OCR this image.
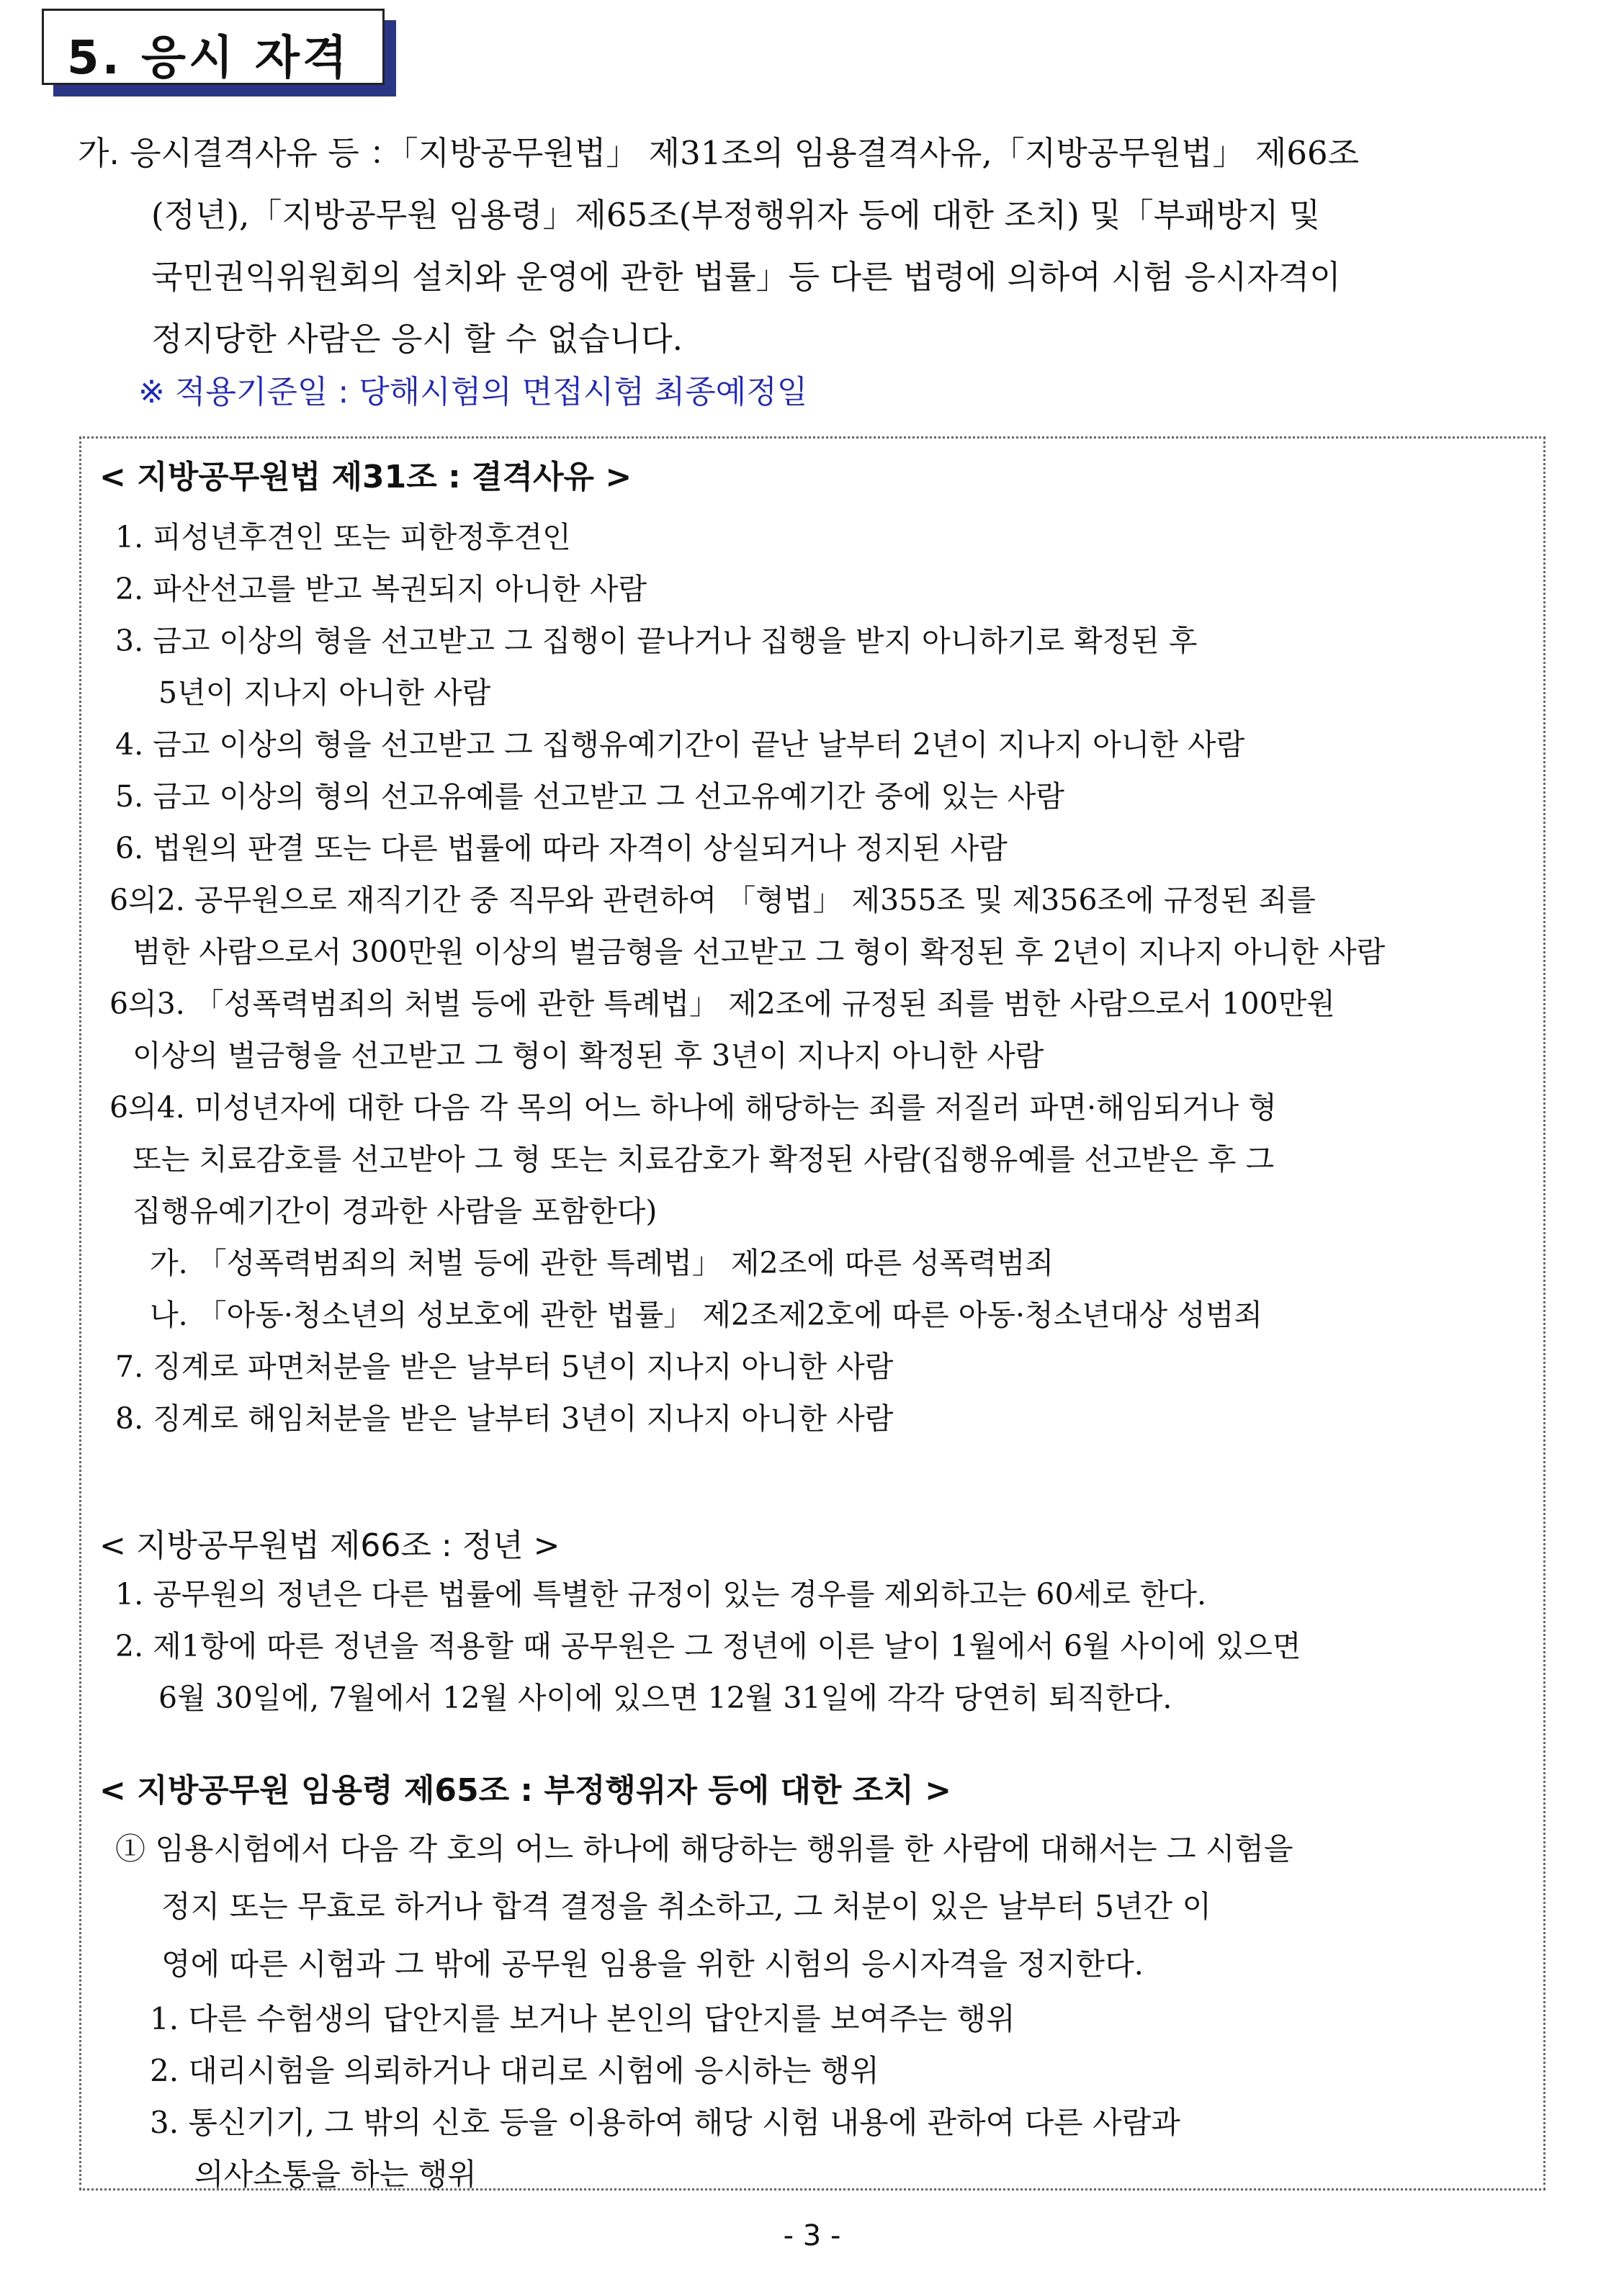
5. 응시 자격
가. 응시결격사유 등 ：「지방공무원법」 제31조의 임용결격사유,「지방공무원법」 제66조
(정년),「지방공무원 임용령」제65조(부정행위자 등에 대한 조치) 및「부패방지 및
국민권익위원회의 설치와 운영에 관한 법률」등 다른 법령에 의하여 시험 응시자격이
정지당한 사람은 응시 할 수 없습니다.
※ 적용기준일 : 당해시험의 면접시험 최종예정일
< 지방공무원법 제31조 : 결격사유 >
1. 피성년후견인 또는 피한정후견인
2. 파산선고를 받고 복권되지 아니한 사람
3. 금고 이상의 형을 선고받고 그 집행이 끝나거나 집행을 받지 아니하기로 확정된 후
5년이 지나지 아니한 사람
4. 금고 이상의 형을 선고받고 그 집행유예기간이 끝난 날부터 2년이 지나지 아니한 사람
5. 금고 이상의 형의 선고유예를 선고받고 그 선고유예기간 중에 있는 사람
6. 법원의 판결 또는 다른 법률에 따라 자격이 상실되거나 정지된 사람
6의2. 공무원으로 재직기간 중 직무와 관련하여 「형법」 제355조 및 제356조에 규정된 죄를
범한 사람으로서 300만원 이상의 벌금형을 선고받고 그 형이 확정된 후 2년이 지나지 아니한 사람
6의3. 「성폭력범죄의 처벌 등에 관한 특례법」 제2조에 규정된 죄를 범한 사람으로서 100만원
이상의 벌금형을 선고받고 그 형이 확정된 후 3년이 지나지 아니한 사람
6의4. 미성년자에 대한 다음 각 목의 어느 하나에 해당하는 죄를 저질러 파면·해임되거나 형
또는 치료감호를 선고받아 그 형 또는 치료감호가 확정된 사람(집행유예를 선고받은 후 그
집행유예기간이 경과한 사람을 포함한다)
가. 「성폭력범죄의 처벌 등에 관한 특례법」 제2조에 따른 성폭력범죄
나. 「아동·청소년의 성보호에 관한 법률」 제2조제2호에 따른 아동·청소년대상 성범죄
7. 징계로 파면처분을 받은 날부터 5년이 지나지 아니한 사람
8. 징계로 해임처분을 받은 날부터 3년이 지나지 아니한 사람
< 지방공무원법 제66조 : 정년 >
1. 공무원의 정년은 다른 법률에 특별한 규정이 있는 경우를 제외하고는 60세로 한다.
2. 제1항에 따른 정년을 적용할 때 공무원은 그 정년에 이른 날이 1월에서 6월 사이에 있으면
6월 30일에, 7월에서 12월 사이에 있으면 12월 31일에 각각 당연히 퇴직한다.
< 지방공무원 임용령 제65조 : 부정행위자 등에 대한 조치 >
① 임용시험에서 다음 각 호의 어느 하나에 해당하는 행위를 한 사람에 대해서는 그 시험을
정지 또는 무효로 하거나 합격 결정을 취소하고, 그 처분이 있은 날부터 5년간 이
영에 따른 시험과 그 밖에 공무원 임용을 위한 시험의 응시자격을 정지한다.
1. 다른 수험생의 답안지를 보거나 본인의 답안지를 보여주는 행위
2. 대리시험을 의뢰하거나 대리로 시험에 응시하는 행위
3. 통신기기, 그 밖의 신호 등을 이용하여 해당 시험 내용에 관하여 다른 사람과
의사소통을 하는 행위
- 3 -
